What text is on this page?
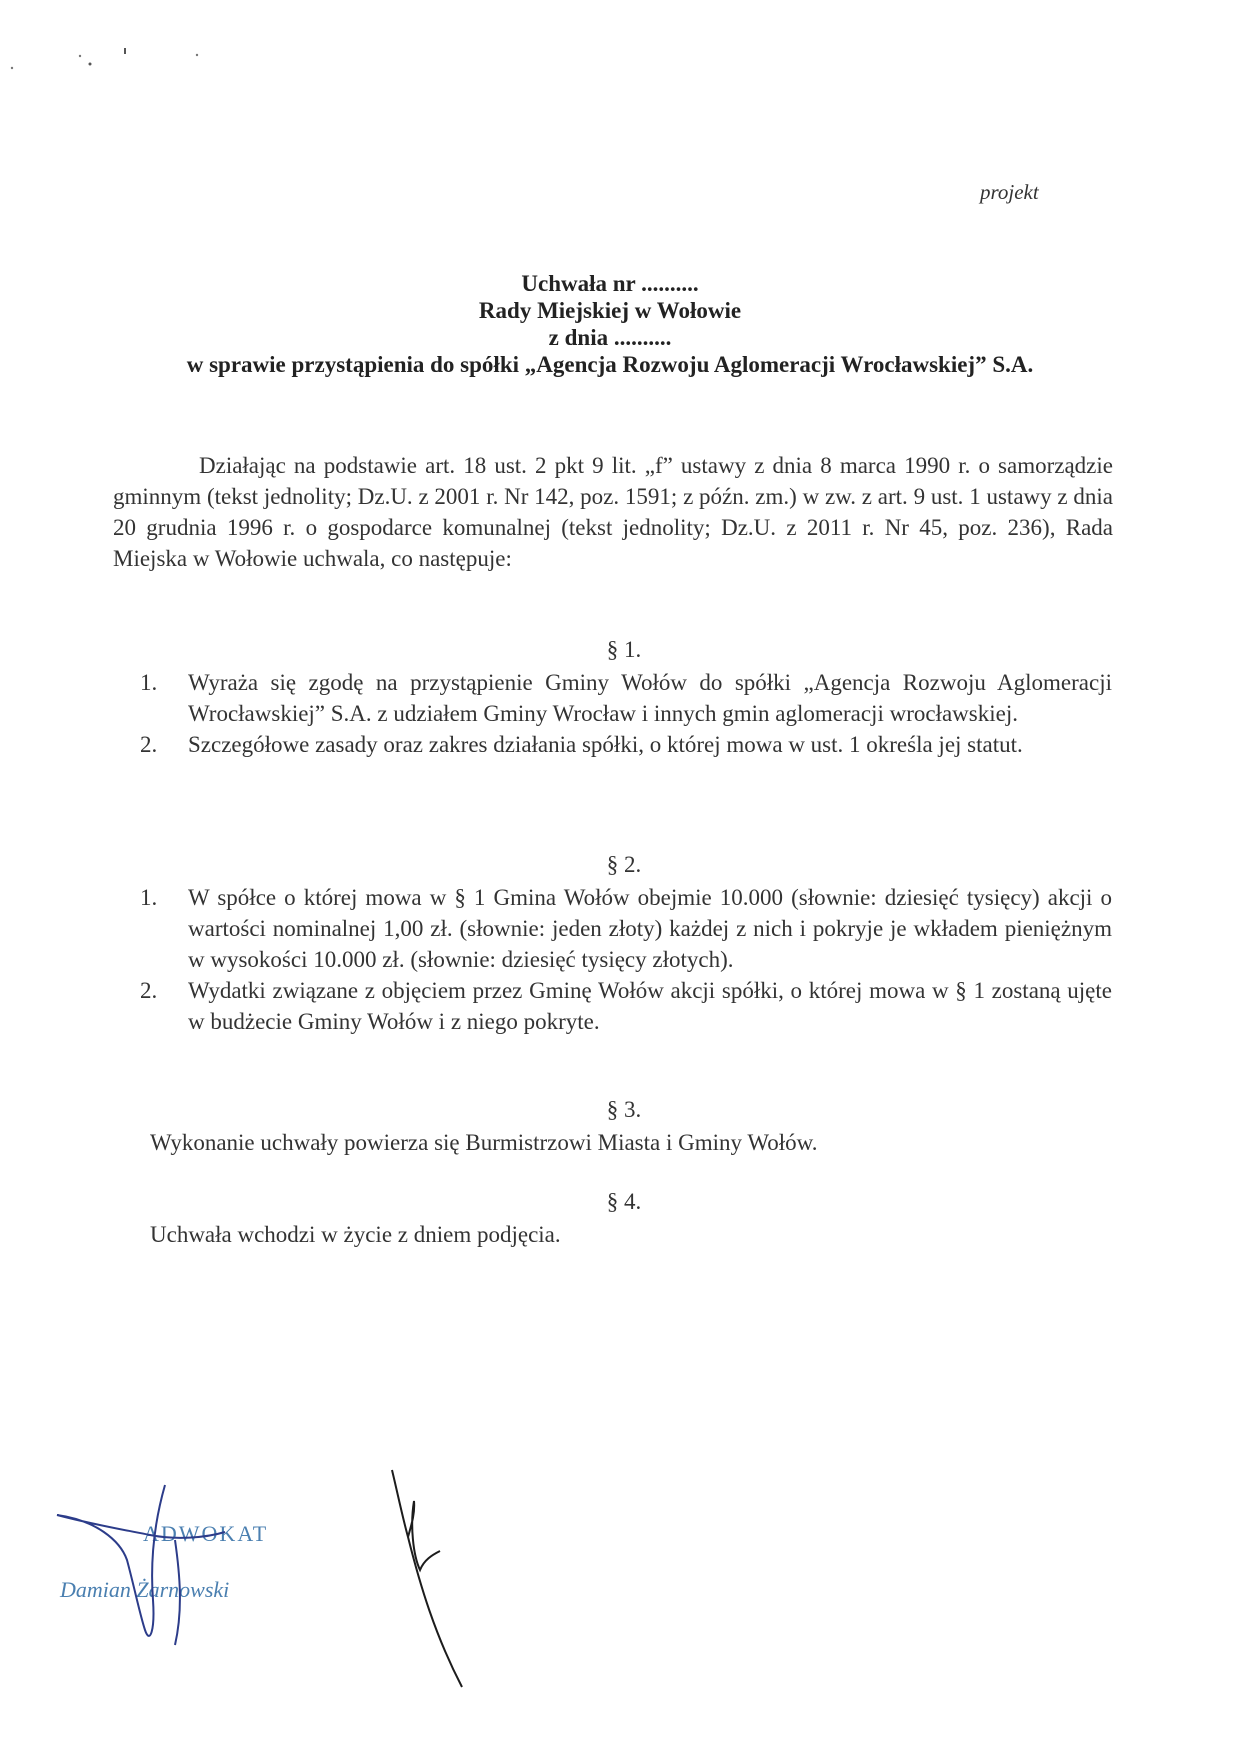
projekt
Uchwała nr ..........
Rady Miejskiej w Wołowie
z dnia ..........
w sprawie przystąpienia do spółki „Agencja Rozwoju Aglomeracji Wrocławskiej” S.A.

Działając na podstawie art. 18 ust. 2 pkt 9 lit. „f” ustawy z dnia 8 marca 1990 r. o samorządzie gminnym (tekst jednolity; Dz.U. z 2001 r. Nr 142, poz. 1591; z późn. zm.) w zw. z art. 9 ust. 1 ustawy z dnia 20 grudnia 1996 r. o gospodarce komunalnej (tekst jednolity; Dz.U. z 2011 r. Nr 45, poz. 236), Rada Miejska w Wołowie uchwala, co następuje:

§ 1.
1.	Wyraża się zgodę na przystąpienie Gminy Wołów do spółki „Agencja Rozwoju Aglomeracji Wrocławskiej” S.A. z udziałem Gminy Wrocław i innych gmin aglomeracji wrocławskiej.
2.	Szczegółowe zasady oraz zakres działania spółki, o której mowa w ust. 1 określa jej statut.
§ 2.
1.	W spółce o której mowa w § 1 Gmina Wołów obejmie 10.000 (słownie: dziesięć tysięcy) akcji o wartości nominalnej 1,00 zł. (słownie: jeden złoty) każdej z nich i pokryje je wkładem pieniężnym w wysokości 10.000 zł. (słownie: dziesięć tysięcy złotych).
2.	Wydatki związane z objęciem przez Gminę Wołów akcji spółki, o której mowa w § 1 zostaną ujęte w budżecie Gminy Wołów i z niego pokryte.
§ 3.
Wykonanie uchwały powierza się Burmistrzowi Miasta i Gminy Wołów.
§ 4.
Uchwała wchodzi w życie z dniem podjęcia.
ADWOKAT
Damian Żarnowski
